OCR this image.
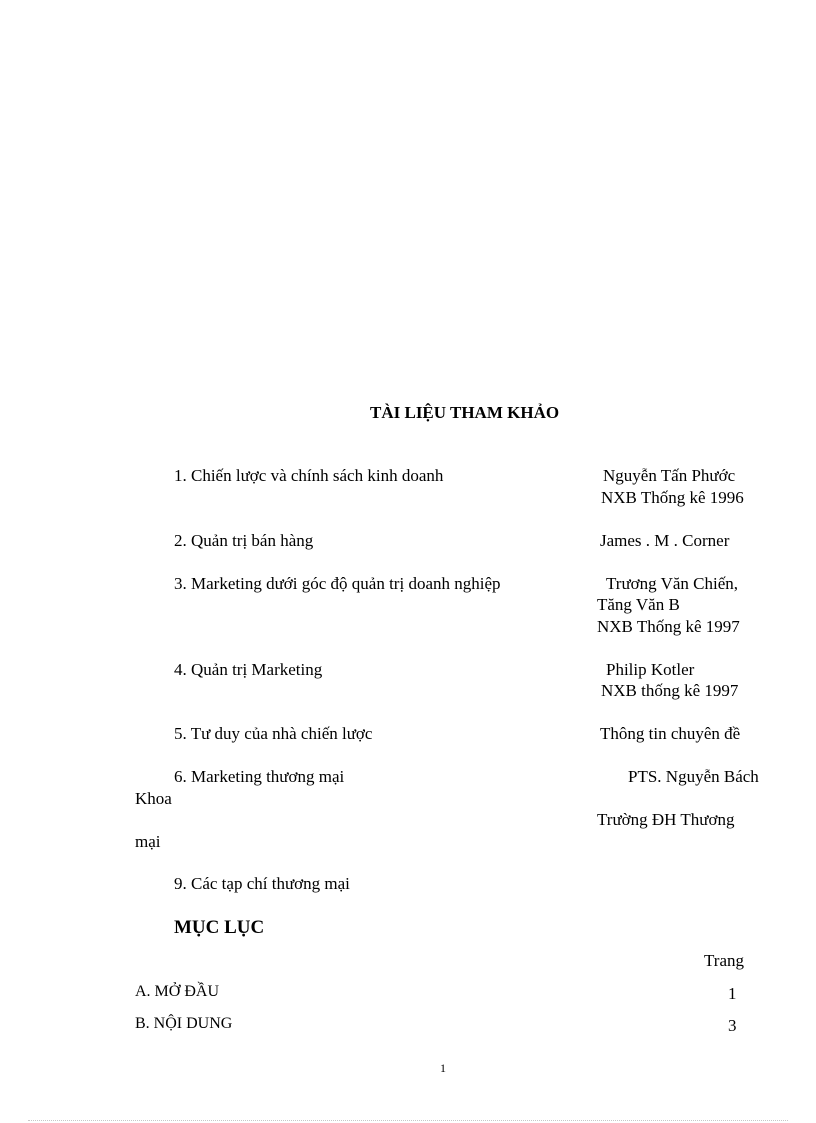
TÀI LIỆU THAM KHẢO
1. Chiến lược và chính sách kinh doanh	Nguyễn Tấn Phước
NXB Thống kê 1996
2. Quản trị bán hàng	James . M . Corner
3. Marketing dưới góc độ quản trị doanh nghiệp	Trương Văn Chiến,
Tăng Văn B
NXB Thống kê 1997
4. Quản trị Marketing	Philip Kotler
NXB thống kê 1997
5. Tư duy của nhà chiến lược	Thông tin chuyên đề
6. Marketing thương mại	PTS. Nguyễn Bách
Khoa
Trường ĐH Thương
mại
9. Các tạp chí thương mại
MỤC LỤC
Trang
A. MỞ ĐẦU	1
B. NỘI DUNG	3
1
